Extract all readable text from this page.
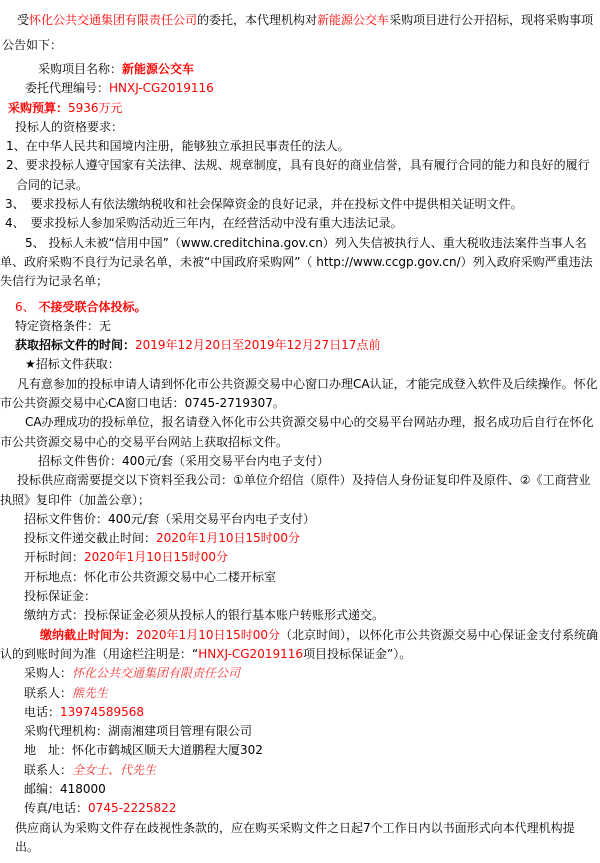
受怀化公共交通集团有限责任公司的委托，本代理机构对新能源公交车采购项目进行公开招标，现将采购事项公告如下：

采购项目名称：新能源公交车

委托代理编号：HNXJ-CG2019116

采购预算：5936万元

投标人的资格要求：

1、在中华人民共和国境内注册，能够独立承担民事责任的法人。

2、要求投标人遵守国家有关法律、法规、规章制度，具有良好的商业信誉，具有履行合同的能力和良好的履行合同的记录。

3、　要求投标人有依法缴纳税收和社会保障资金的良好记录，并在投标文件中提供相关证明文件。

4、　要求投标人参加采购活动近三年内，在经营活动中没有重大违法记录。

5、 投标人未被“信用中国”（www.creditchina.gov.cn）列入失信被执行人、重大税收违法案件当事人名单、政府采购不良行为记录名单，未被“中国政府采购网”（ http://www.ccgp.gov.cn/）列入政府采购严重违法失信行为记录名单；

6、 不接受联合体投标。

特定资格条件：无

获取招标文件的时间：2019年12月20日至2019年12月27日17点前

★招标文件获取：

凡有意参加的投标申请人请到怀化市公共资源交易中心窗口办理CA认证，才能完成登入软件及后续操作。怀化市公共资源交易中心CA窗口电话：0745-2719307。

CA办理成功的投标单位，报名请登入怀化市公共资源交易中心的交易平台网站办理，报名成功后自行在怀化市公共资源交易中心的交易平台网站上获取招标文件。

招标文件售价：400元/套（采用交易平台内电子支付）

投标供应商需要提交以下资料至我公司：①单位介绍信（原件）及持信人身份证复印件及原件、②《工商营业执照》复印件（加盖公章）；

招标文件售价：400元/套（采用交易平台内电子支付）

投标文件递交截止时间：2020年1月10日15时00分

开标时间：2020年1月10日15时00分

开标地点：怀化市公共资源交易中心二楼开标室

投标保证金：

缴纳方式：投标保证金必须从投标人的银行基本账户转账形式递交。

缴纳截止时间为：2020年1月10日15时00分（北京时间），以怀化市公共资源交易中心保证金支付系统确认的到账时间为准（用途栏注明是：“HNXJ-CG2019116项目投标保证金”）。

采购人：怀化公共交通集团有限责任公司

联系人：熊先生

电话：13974589568

采购代理机构：湖南湘建项目管理有限公司

地　址：怀化市鹤城区顺天大道鹏程大厦302

联系人：全女士、代先生

邮编：418000

传真/电话：0745-2225822

供应商认为采购文件存在歧视性条款的，应在购买采购文件之日起7个工作日内以书面形式向本代理机构提出。
